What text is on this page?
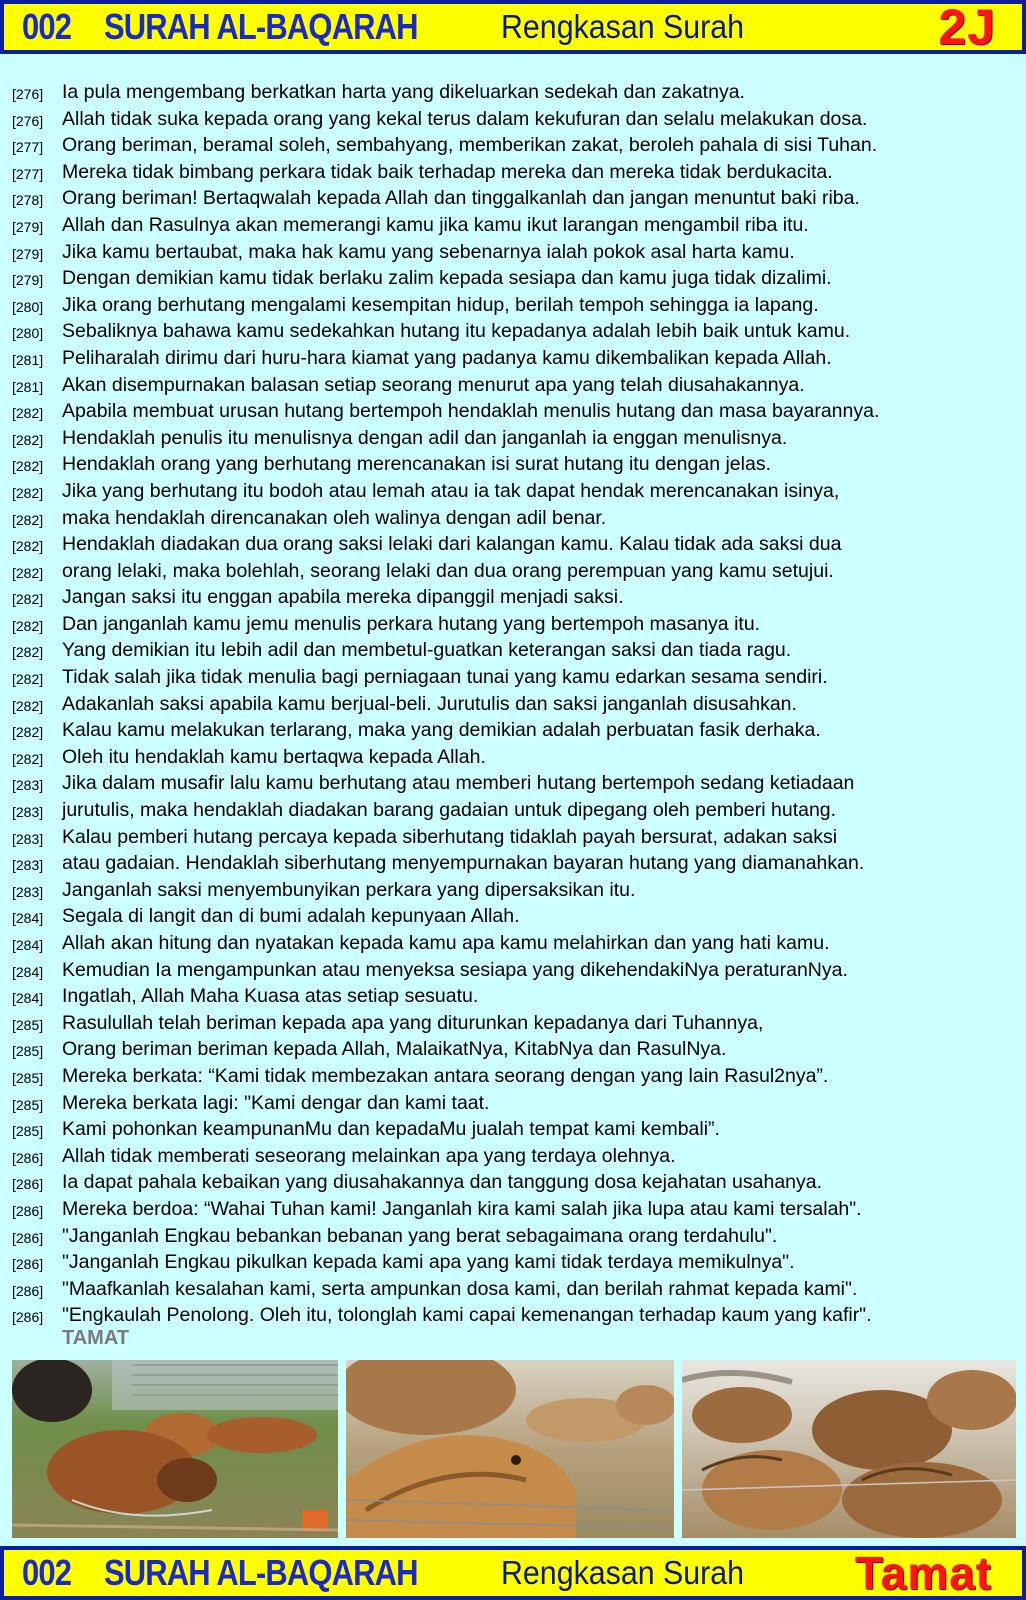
002 SURAH AL-BAQARAH	Rengkasan Surah	2J
[276] Ia pula mengembang berkatkan harta yang dikeluarkan sedekah dan zakatnya.
[276] Allah tidak suka kepada orang yang kekal terus dalam kekufuran dan selalu melakukan dosa.
[277] Orang beriman, beramal soleh, sembahyang, memberikan zakat, beroleh pahala di sisi Tuhan.
[277] Mereka tidak bimbang perkara tidak baik terhadap mereka dan mereka tidak berdukacita.
[278] Orang beriman! Bertaqwalah kepada Allah dan tinggalkanlah dan jangan menuntut baki riba.
[279] Allah dan Rasulnya akan memerangi kamu jika kamu ikut larangan mengambil riba itu.
[279] Jika kamu bertaubat, maka hak kamu yang sebenarnya ialah pokok asal harta kamu.
[279] Dengan demikian kamu tidak berlaku zalim kepada sesiapa dan kamu juga tidak dizalimi.
[280] Jika orang berhutang mengalami kesempitan hidup, berilah tempoh sehingga ia lapang.
[280] Sebaliknya bahawa kamu sedekahkan hutang itu kepadanya adalah lebih baik untuk kamu.
[281] Peliharalah dirimu dari huru-hara kiamat yang padanya kamu dikembalikan kepada Allah.
[281] Akan disempurnakan balasan setiap seorang menurut apa yang telah diusahakannya.
[282] Apabila membuat urusan hutang bertempoh hendaklah menulis hutang dan masa bayarannya.
[282] Hendaklah penulis itu menulisnya dengan adil dan janganlah ia enggan menulisnya.
[282] Hendaklah orang yang berhutang merencanakan isi surat hutang itu dengan jelas.
[282] Jika yang berhutang itu bodoh atau lemah atau ia tak dapat hendak merencanakan isinya,
[282] maka hendaklah direncanakan oleh walinya dengan adil benar.
[282] Hendaklah diadakan dua orang saksi lelaki dari kalangan kamu. Kalau tidak ada saksi dua
[282] orang lelaki, maka bolehlah, seorang lelaki dan dua orang perempuan yang kamu setujui.
[282] Jangan saksi itu enggan apabila mereka dipanggil menjadi saksi.
[282] Dan janganlah kamu jemu menulis perkara hutang yang bertempoh masanya itu.
[282] Yang demikian itu lebih adil dan membetul-guatkan keterangan saksi dan tiada ragu.
[282] Tidak salah jika tidak menulia bagi perniagaan tunai yang kamu edarkan sesama sendiri.
[282] Adakanlah saksi apabila kamu berjual-beli. Jurutulis dan saksi janganlah disusahkan.
[282] Kalau kamu melakukan terlarang, maka yang demikian adalah perbuatan fasik derhaka.
[282] Oleh itu hendaklah kamu bertaqwa kepada Allah.
[283] Jika dalam musafir lalu kamu berhutang atau memberi hutang bertempoh sedang ketiadaan
[283] jurutulis, maka hendaklah diadakan barang gadaian untuk dipegang oleh pemberi hutang.
[283] Kalau pemberi hutang percaya kepada siberhutang tidaklah payah bersurat, adakan saksi
[283] atau gadaian. Hendaklah siberhutang menyempurnakan bayaran hutang yang diamanahkan.
[283] Janganlah saksi menyembunyikan perkara yang dipersaksikan itu.
[284] Segala di langit dan di bumi adalah kepunyaan Allah.
[284] Allah akan hitung dan nyatakan kepada kamu apa kamu melahirkan dan yang hati kamu.
[284] Kemudian Ia mengampunkan atau menyeksa sesiapa yang dikehendakiNya peraturanNya.
[284] Ingatlah, Allah Maha Kuasa atas setiap sesuatu.
[285] Rasulullah telah beriman kepada apa yang diturunkan kepadanya dari Tuhannya,
[285] Orang beriman beriman kepada Allah, MalaikatNya, KitabNya dan RasulNya.
[285] Mereka berkata: “Kami tidak membezakan antara seorang dengan yang lain Rasul2nya”.
[285] Mereka berkata lagi: "Kami dengar dan kami taat.
[285] Kami pohonkan keampunanMu dan kepadaMu jualah tempat kami kembali”.
[286] Allah tidak memberati seseorang melainkan apa yang terdaya olehnya.
[286] Ia dapat pahala kebaikan yang diusahakannya dan tanggung dosa kejahatan usahanya.
[286] Mereka berdoa: “Wahai Tuhan kami! Janganlah kira kami salah jika lupa atau kami tersalah".
[286] "Janganlah Engkau bebankan bebanan yang berat sebagaimana orang terdahulu".
[286] "Janganlah Engkau pikulkan kepada kami apa yang kami tidak terdaya memikulnya".
[286] "Maafkanlah kesalahan kami, serta ampunkan dosa kami, dan berilah rahmat kepada kami".
[286] "Engkaulah Penolong. Oleh itu, tolonglah kami capai kemenangan terhadap kaum yang kafir".
TAMAT
002 SURAH AL-BAQARAH	Rengkasan Surah Tamat
